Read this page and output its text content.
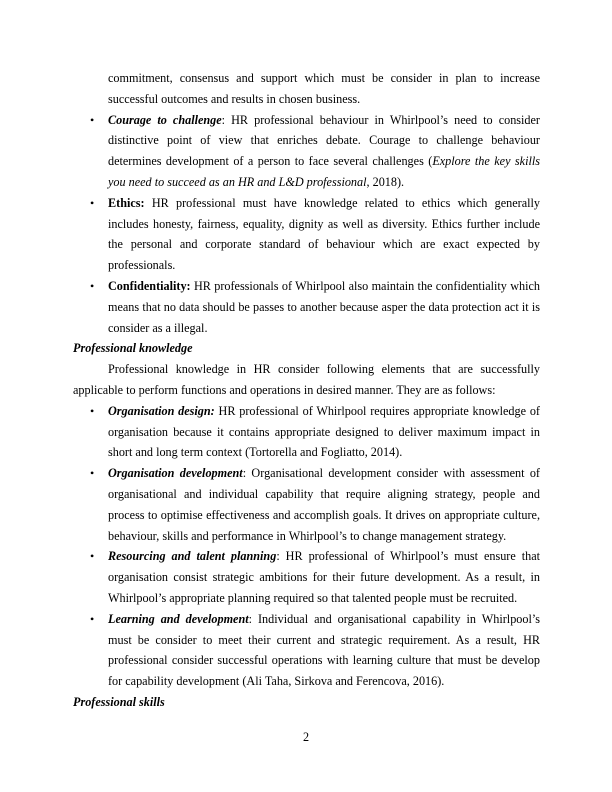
commitment, consensus and support which must be consider in plan to increase successful outcomes and results in chosen business.

• Courage to challenge: HR professional behaviour in Whirlpool’s need to consider distinctive point of view that enriches debate. Courage to challenge behaviour determines development of a person to face several challenges (Explore the key skills you need to succeed as an HR and L&D professional, 2018).
• Ethics: HR professional must have knowledge related to ethics which generally includes honesty, fairness, equality, dignity as well as diversity. Ethics further include the personal and corporate standard of behaviour which are exact expected by professionals.
• Confidentiality: HR professionals of Whirlpool also maintain the confidentiality which means that no data should be passes to another because asper the data protection act it is consider as a illegal.

Professional knowledge

Professional knowledge in HR consider following elements that are successfully applicable to perform functions and operations in desired manner. They are as follows:

• Organisation design: HR professional of Whirlpool requires appropriate knowledge of organisation because it contains appropriate designed to deliver maximum impact in short and long term context (Tortorella and Fogliatto, 2014).
• Organisation development: Organisational development consider with assessment of organisational and individual capability that require aligning strategy, people and process to optimise effectiveness and accomplish goals. It drives on appropriate culture, behaviour, skills and performance in Whirlpool’s to change management strategy.
• Resourcing and talent planning: HR professional of Whirlpool’s must ensure that organisation consist strategic ambitions for their future development. As a result, in Whirlpool’s appropriate planning required so that talented people must be recruited.
• Learning and development: Individual and organisational capability in Whirlpool’s must be consider to meet their current and strategic requirement. As a result, HR professional consider successful operations with learning culture that must be develop for capability development (Ali Taha, Sirkova and Ferencova, 2016).

Professional skills

2
